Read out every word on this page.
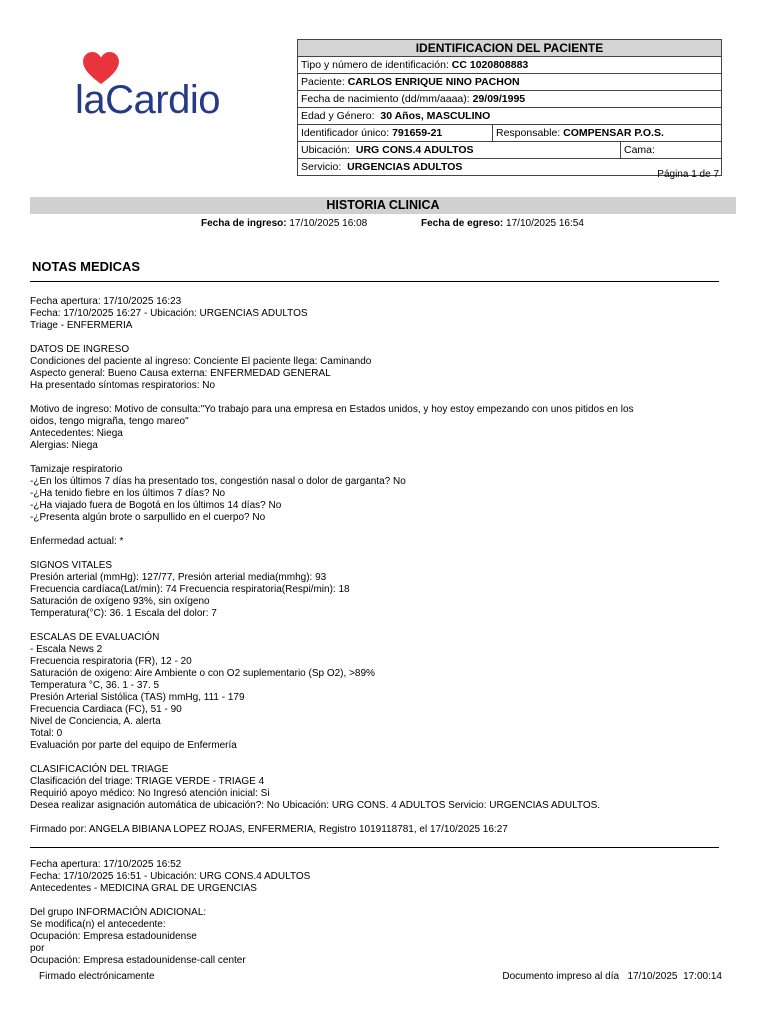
laCardio
IDENTIFICACION DEL PACIENTE		
Tipo y número de identificación: CC 1020808883		
Paciente: CARLOS ENRIQUE NINO PACHON		
Fecha de nacimiento (dd/mm/aaaa): 29/09/1995		
Edad y Género: 30 Años, MASCULINO		
Identificador único: 791659-21	Responsable: COMPENSAR P.O.S.	
Ubicación: URG CONS.4 ADULTOS		Cama:
Servicio: URGENCIAS ADULTOS		
Página 1 de 7
HISTORIA CLINICA
Fecha de ingreso: 17/10/2025 16:08	Fecha de egreso: 17/10/2025 16:54
NOTAS MEDICAS
Fecha apertura: 17/10/2025 16:23
Fecha: 17/10/2025 16:27 - Ubicación: URGENCIAS ADULTOS
Triage - ENFERMERIA
DATOS DE INGRESO
Condiciones del paciente al ingreso: Conciente El paciente llega: Caminando
Aspecto general: Bueno Causa externa: ENFERMEDAD GENERAL
Ha presentado síntomas respiratorios: No
Motivo de ingreso: Motivo de consulta:"Yo trabajo para una empresa en Estados unidos, y hoy estoy empezando con unos pitidos en los
oidos, tengo migraña, tengo mareo"
Antecedentes: Niega
Alergias: Niega
Tamizaje respiratorio
-¿En los últimos 7 días ha presentado tos, congestión nasal o dolor de garganta? No
-¿Ha tenido fiebre en los últimos 7 días? No
-¿Ha viajado fuera de Bogotá en los últimos 14 días? No
-¿Presenta algún brote o sarpullido en el cuerpo? No
Enfermedad actual: *
SIGNOS VITALES
Presión arterial (mmHg): 127/77, Presión arterial media(mmhg): 93
Frecuencia cardíaca(Lat/min): 74 Frecuencia respiratoria(Respi/min): 18
Saturación de oxígeno 93%, sin oxígeno
Temperatura(°C): 36. 1 Escala del dolor: 7
ESCALAS DE EVALUACIÓN
- Escala News 2
Frecuencia respiratoria (FR), 12 - 20
Saturación de oxigeno: Aire Ambiente o con O2 suplementario (Sp O2), >89%
Temperatura °C, 36. 1 - 37. 5
Presión Arterial Sistólica (TAS) mmHg, 111 - 179
Frecuencia Cardiaca (FC), 51 - 90
Nivel de Conciencia, A. alerta
Total: 0
Evaluación por parte del equipo de Enfermería
CLASIFICACIÓN DEL TRIAGE
Clasificación del triage: TRIAGE VERDE - TRIAGE 4
Requirió apoyo médico: No Ingresó atención inicial: Si
Desea realizar asignación automática de ubicación?: No Ubicación: URG CONS. 4 ADULTOS Servicio: URGENCIAS ADULTOS.
Firmado por: ANGELA BIBIANA LOPEZ ROJAS, ENFERMERIA, Registro 1019118781, el 17/10/2025 16:27
Fecha apertura: 17/10/2025 16:52
Fecha: 17/10/2025 16:51 - Ubicación: URG CONS.4 ADULTOS
Antecedentes - MEDICINA GRAL DE URGENCIAS
Del grupo INFORMACIÓN ADICIONAL:
Se modifica(n) el antecedente:
Ocupación: Empresa estadounidense
por
Ocupación: Empresa estadounidense-call center
Firmado electrónicamente	Documento impreso al día 17/10/2025 17:00:14
